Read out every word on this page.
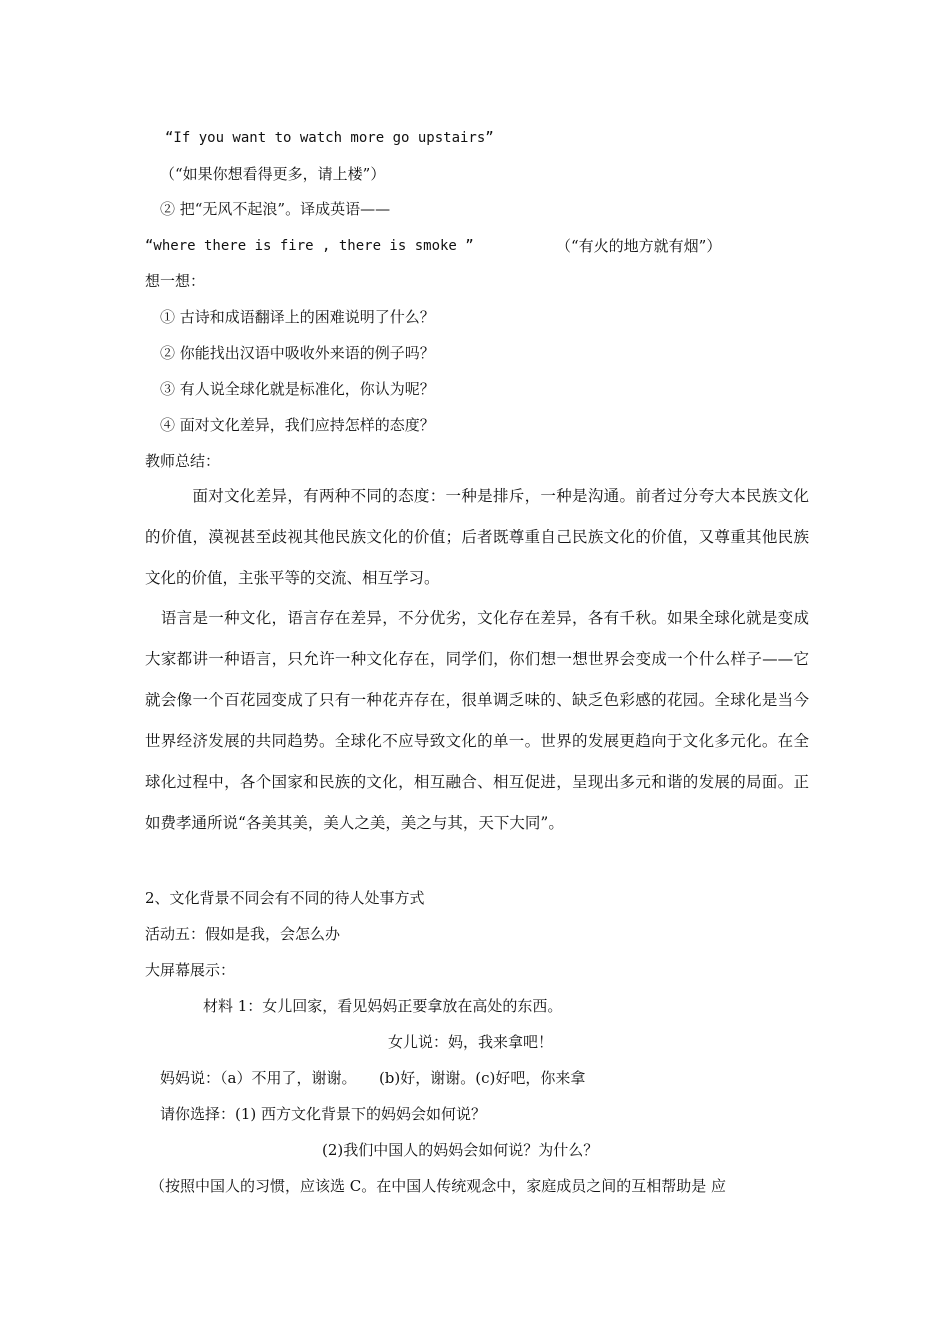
“If you want to watch more go upstairs”
（“如果你想看得更多，请上楼”）
② 把“无风不起浪”。译成英语——
“where there is fire , there is smoke ”	（“有火的地方就有烟”）
想一想：
① 古诗和成语翻译上的困难说明了什么？
② 你能找出汉语中吸收外来语的例子吗？
③ 有人说全球化就是标准化，你认为呢？
④ 面对文化差异，我们应持怎样的态度？
教师总结：

　　　面对文化差异，有两种不同的态度：一种是排斥，一种是沟通。前者过分夸大本民族文化的价值，漠视甚至歧视其他民族文化的价值；后者既尊重自己民族文化的价值，又尊重其他民族文化的价值，主张平等的交流、相互学习。

　语言是一种文化，语言存在差异，不分优劣，文化存在差异，各有千秋。如果全球化就是变成大家都讲一种语言，只允许一种文化存在，同学们，你们想一想世界会变成一个什么样子——它就会像一个百花园变成了只有一种花卉存在，很单调乏味的、缺乏色彩感的花园。全球化是当今世界经济发展的共同趋势。全球化不应导致文化的单一。世界的发展更趋向于文化多元化。在全球化过程中，各个国家和民族的文化，相互融合、相互促进，呈现出多元和谐的发展的局面。正如费孝通所说“各美其美，美人之美，美之与其，天下大同”。

2、文化背景不同会有不同的待人处事方式
活动五：假如是我，会怎么办
大屏幕展示：
材料 1：女儿回家，看见妈妈正要拿放在高处的东西。
女儿说：妈，我来拿吧！
妈妈说：（a）不用了，谢谢。　　(b)好，谢谢。(c)好吧，你来拿
请你选择：(1) 西方文化背景下的妈妈会如何说？
(2)我们中国人的妈妈会如何说？为什么？
（按照中国人的习惯，应该选 C。在中国人传统观念中，家庭成员之间的互相帮助是 应
